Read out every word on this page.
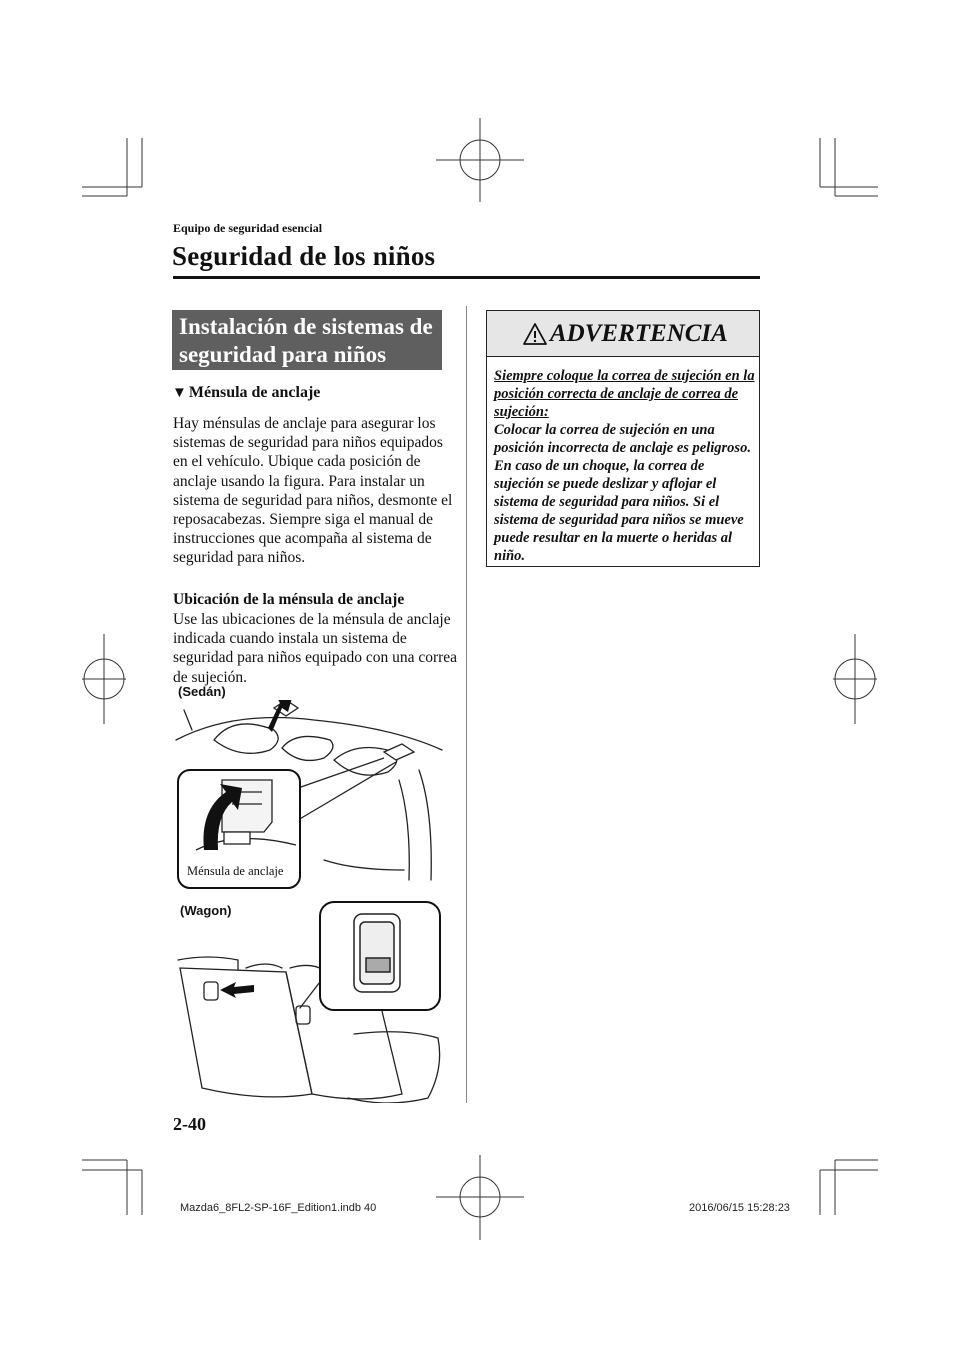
Equipo de seguridad esencial
Seguridad de los niños
Instalación de sistemas de seguridad para niños
▼ Ménsula de anclaje
Hay ménsulas de anclaje para asegurar los sistemas de seguridad para niños equipados en el vehículo. Ubique cada posición de anclaje usando la figura. Para instalar un sistema de seguridad para niños, desmonte el reposacabezas. Siempre siga el manual de instrucciones que acompaña al sistema de seguridad para niños.
Ubicación de la ménsula de anclaje
Use las ubicaciones de la ménsula de anclaje indicada cuando instala un sistema de seguridad para niños equipado con una correa de sujeción.
(Sedán)
Ménsula de anclaje
(Wagon)
ADVERTENCIA
Siempre coloque la correa de sujeción en la posición correcta de anclaje de correa de sujeción:
Colocar la correa de sujeción en una posición incorrecta de anclaje es peligroso. En caso de un choque, la correa de sujeción se puede deslizar y aflojar el sistema de seguridad para niños. Si el sistema de seguridad para niños se mueve puede resultar en la muerte o heridas al niño.
2-40
Mazda6_8FL2-SP-16F_Edition1.indb 40	2016/06/15 15:28:23
